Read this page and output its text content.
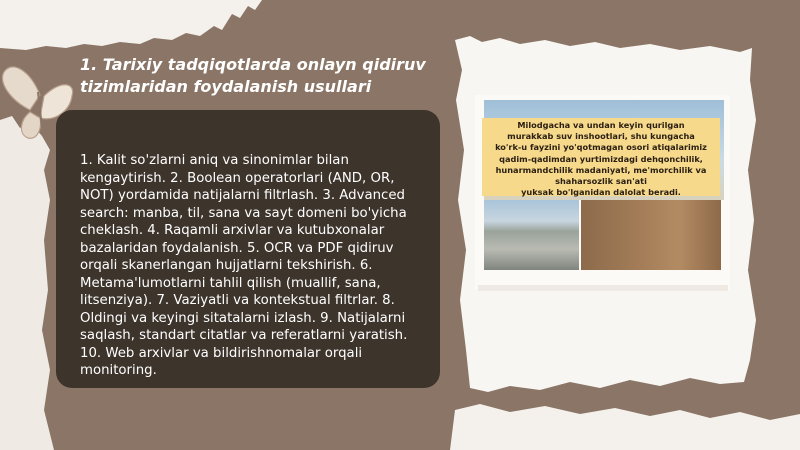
1. Tarixiy tadqiqotlarda onlayn qidiruv tizimlaridan foydalanish usullari
1. Kalit so'zlarni aniq va sinonimlar bilan kengaytirish. 2. Boolean operatorlari (AND, OR, NOT) yordamida natijalarni filtrlash. 3. Advanced search: manba, til, sana va sayt domeni bo'yicha cheklash. 4. Raqamli arxivlar va kutubxonalar bazalaridan foydalanish. 5. OCR va PDF qidiruv orqali skanerlangan hujjatlarni tekshirish. 6. Metama'lumotlarni tahlil qilish (muallif, sana, litsenziya). 7. Vaziyatli va kontekstual filtrlar. 8. Oldingi va keyingi sitatalarni izlash. 9. Natijalarni saqlash, standart citatlar va referatlarni yaratish. 10. Web arxivlar va bildirishnomalar orqali monitoring.
Milodgacha va undan keyin qurilgan
murakkab suv inshootlari, shu kungacha
ko'rk-u fayzini yo'qotmagan osori atiqalarimiz
qadim-qadimdan yurtimizdagi dehqonchilik,
hunarmandchilik madaniyati, me'morchilik va
shaharsozlik san'ati
yuksak bo'lganidan dalolat beradi.
